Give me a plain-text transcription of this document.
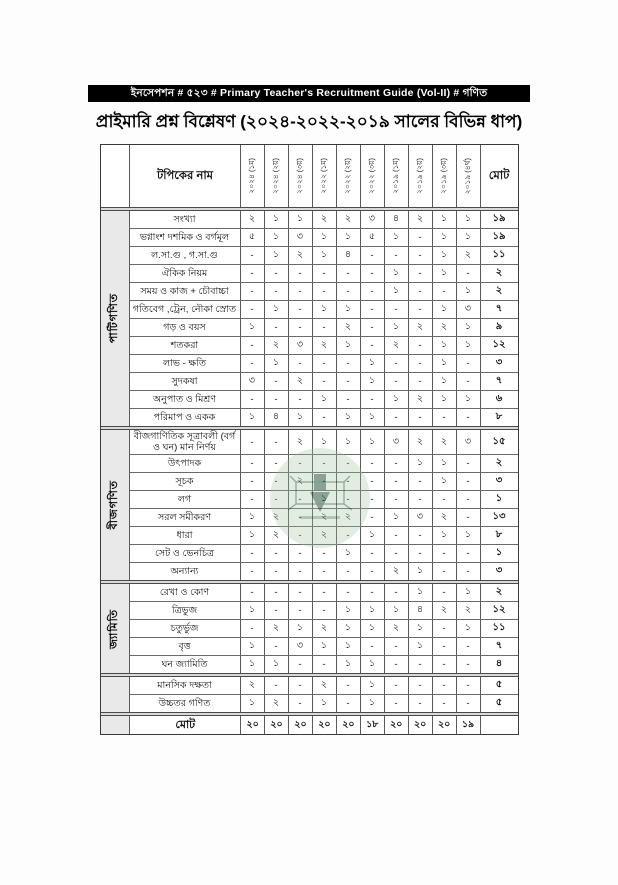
ইনসেপশন # ৫২৩ # Primary Teacher's Recruitment Guide (Vol-II) # গণিত
প্রাইমারি প্রশ্ন বিশ্লেষণ (২০২৪-২০২২-২০১৯ সালের বিভিন্ন ধাপ)
টপিকের নাম	২০২৪ (১ম) ২০২৪ (২য়) ২০২৪ (৩য়) ২০২২ (১ম) ২০২২ (২য়) ২০২২ (৩য়) ২০১৯ (১ম) ২০১৯ (২য়) ২০১৯ (৩য়) ২০১৯ (৪র্থ)	মোট
পাটিগণিত
সংখ্যা	২	১	১	২	২	৩	৪	২	১	১	১৯
ভগ্নাংশ দশমিক ও বর্গমূল	৫	১	৩	১	১	৫	১	-	১	১	১৯
ল.সা.গু , গ.সা.গু	-	১	২	১	৪	-	-	-	১	২	১১
ঐকিক নিয়ম	-	-	-	-	-	-	১	-	১	-	২
সময় ও কাজ + চৌবাচ্চা	-	-	-	-	-	-	১	-	-	১	২
গতিবেগ ,ট্রেন, নৌকা স্রোত	-	১	-	১	১	-	-	-	১	৩	৭
গড় ও বয়স	১	-	-	-	২	-	১	২	২	১	৯
শতকরা	-	২	৩	২	১	-	২	-	১	১	১২
লাভ - ক্ষতি	-	১	-	-	-	১	-	-	১	-	৩
সুদকষা	৩	-	২	-	-	১	-	-	১	-	৭
অনুপাত ও মিশ্রণ	-	-	-	১	-	-	১	২	১	১	৬
পরিমাপ ও একক	১	৪	১	-	১	১	-	-	-	-	৮
বীজগণিত
বীজগাণিতিক সূত্রাবলী (বর্গ ও ঘন) মান নির্ণয়	-	-	২	১	১	১	৩	২	২	৩	১৫
উৎপাদক	-	-	-	-	-	-	-	১	১	-	২
সূচক	-	-	২	-	-	-	-	-	১	-	৩
লগ	-	-	-	১	-	-	-	-	-	-	১
সরল সমীকরণ	১	২	-	২	২	-	১	৩	২	-	১৩
ধারা	১	২	-	২	-	১	-	-	১	১	৮
সেট ও ভেনচিত্র	-	-	-	-	১	-	-	-	-	-	১
অন্যান্য	-	-	-	-	-	-	২	১	-	-	৩
জ্যামিতি
রেখা ও কোণ	-	-	-	-	-	-	-	১	-	১	২
ত্রিভুজ	১	-	-	-	১	১	১	৪	২	২	১২
চতুর্ভুজ	-	২	১	২	১	১	২	১	-	১	১১
বৃত্ত	১	-	৩	১	১	-	-	১	-	-	৭
ঘন জ্যামিতি	১	১	-	-	১	১	-	-	-	-	৪
মানসিক দক্ষতা	২	-	-	২	-	১	-	-	-	-	৫
উচ্চতর গণিত	১	২	-	১	-	১	-	-	-	-	৫
মোট	২০	২০	২০	২০	২০	১৮	২০	২০	২০	১৯
